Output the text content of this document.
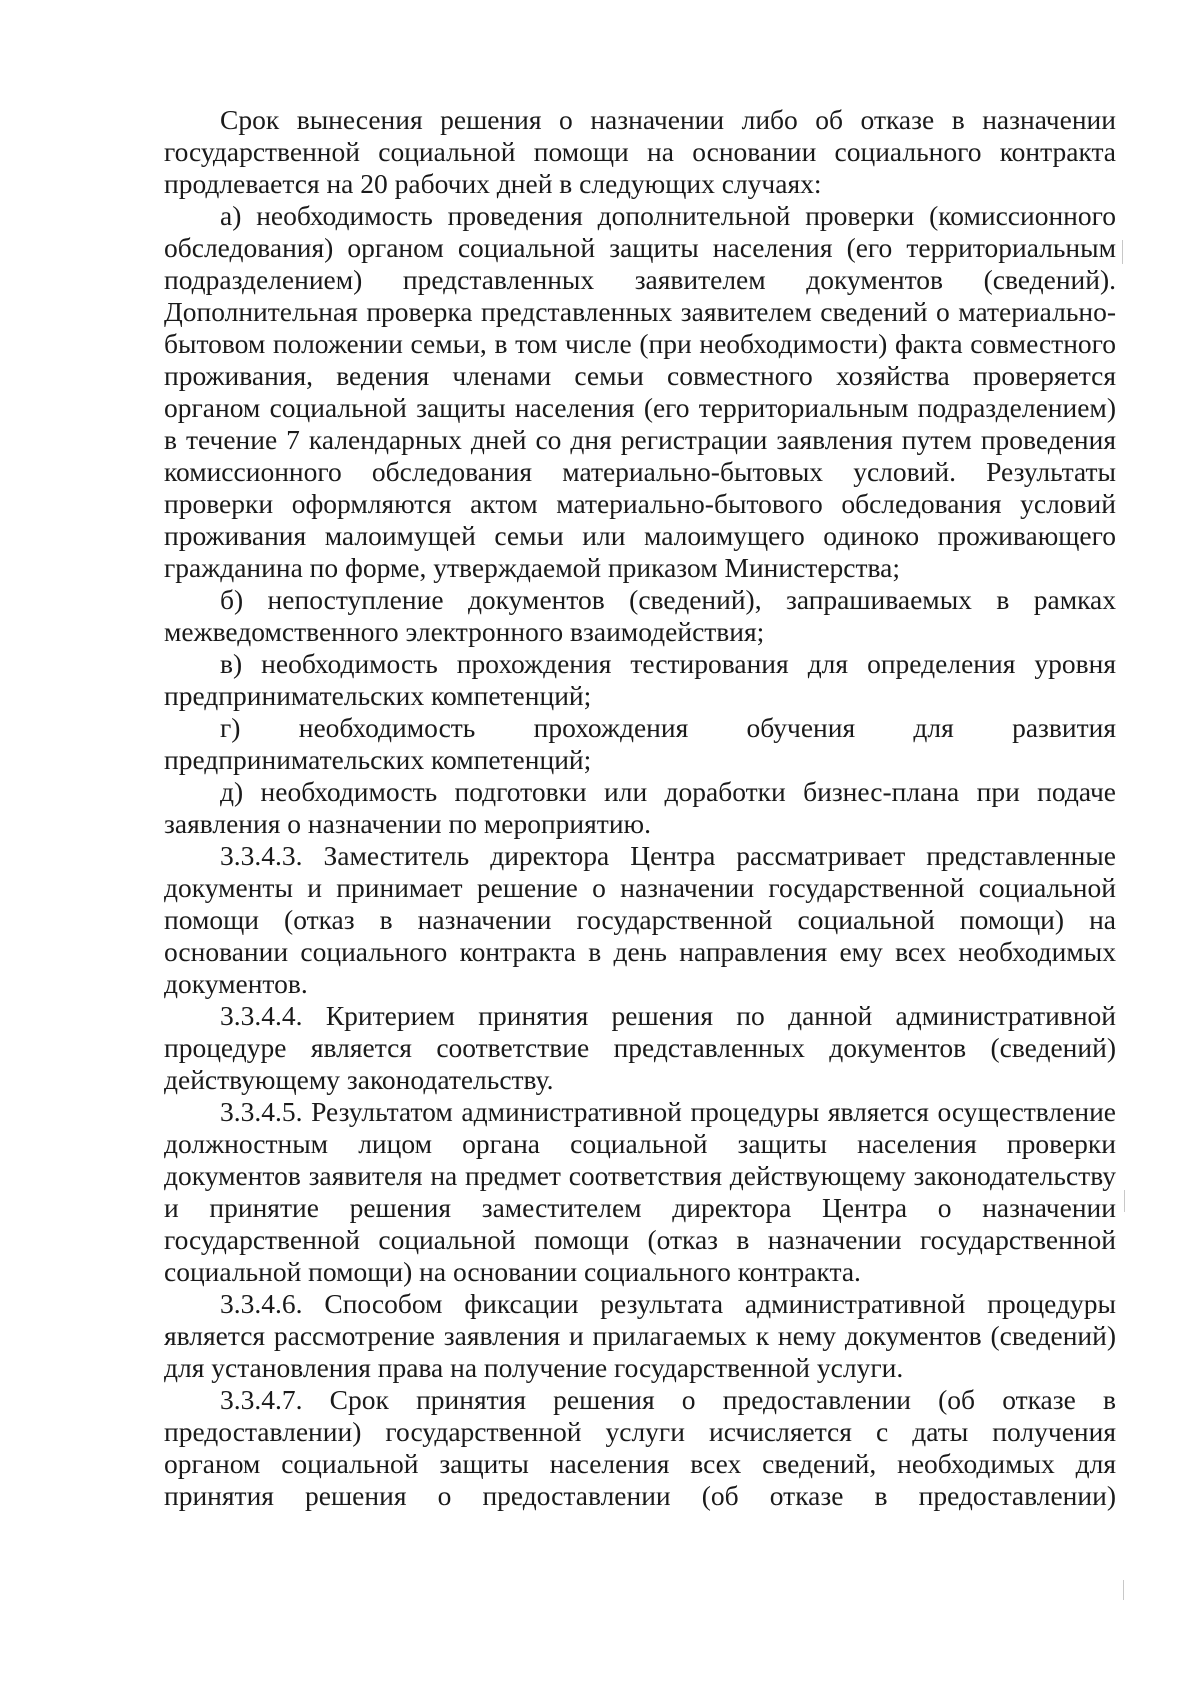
Срок вынесения решения о назначении либо об отказе в назначении государственной социальной помощи на основании социального контракта продлевается на 20 рабочих дней в следующих случаях:

а) необходимость проведения дополнительной проверки (комиссионного обследования) органом социальной защиты населения (его территориальным подразделением) представленных заявителем документов (сведений). Дополнительная проверка представленных заявителем сведений о материально-бытовом положении семьи, в том числе (при необходимости) факта совместного проживания, ведения членами семьи совместного хозяйства проверяется органом социальной защиты населения (его территориальным подразделением) в течение 7 календарных дней со дня регистрации заявления путем проведения комиссионного обследования материально-бытовых условий. Результаты проверки оформляются актом материально-бытового обследования условий проживания малоимущей семьи или малоимущего одиноко проживающего гражданина по форме, утверждаемой приказом Министерства;

б) непоступление документов (сведений), запрашиваемых в рамках межведомственного электронного взаимодействия;

в) необходимость прохождения тестирования для определения уровня предпринимательских компетенций;

г) необходимость прохождения обучения для развития предпринимательских компетенций;

д) необходимость подготовки или доработки бизнес-плана при подаче заявления о назначении по мероприятию.

3.3.4.3. Заместитель директора Центра рассматривает представленные документы и принимает решение о назначении государственной социальной помощи (отказ в назначении государственной социальной помощи) на основании социального контракта в день направления ему всех необходимых документов.

3.3.4.4. Критерием принятия решения по данной административной процедуре является соответствие представленных документов (сведений) действующему законодательству.

3.3.4.5. Результатом административной процедуры является осуществление должностным лицом органа социальной защиты населения проверки документов заявителя на предмет соответствия действующему законодательству и принятие решения заместителем директора Центра о назначении государственной социальной помощи (отказ в назначении государственной социальной помощи) на основании социального контракта.

3.3.4.6. Способом фиксации результата административной процедуры является рассмотрение заявления и прилагаемых к нему документов (сведений) для установления права на получение государственной услуги.

3.3.4.7. Срок принятия решения о предоставлении (об отказе в предоставлении) государственной услуги исчисляется с даты получения органом социальной защиты населения всех сведений, необходимых для принятия решения о предоставлении (об отказе в предоставлении)
